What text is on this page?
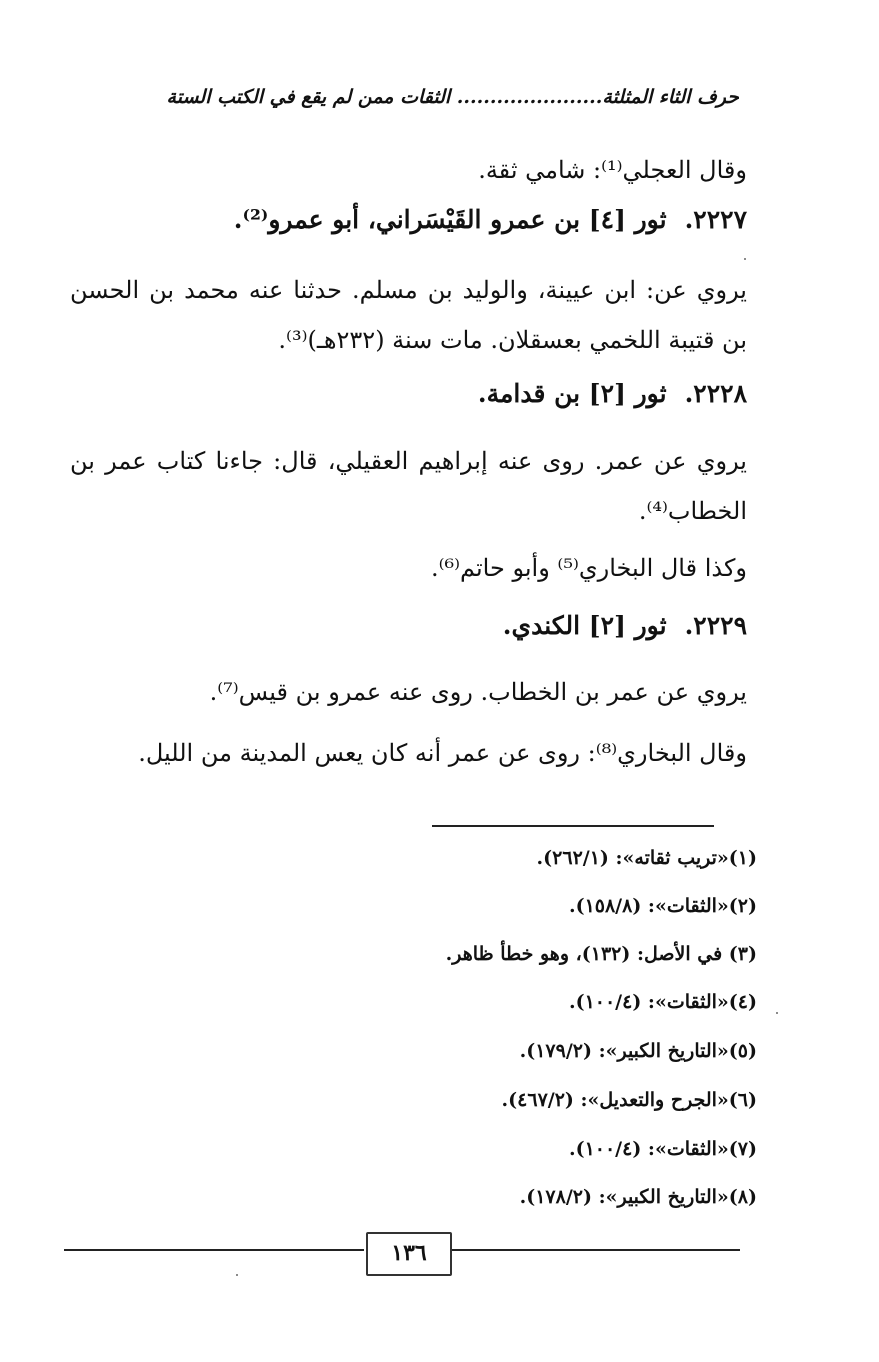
حرف الثاء المثلثة...................... الثقات ممن لم يقع في الكتب الستة
وقال العجلي⁽¹⁾: شامي ثقة.
٢٢٢٧.ثور [٤] بن عمرو القَيْسَراني، أبو عمرو⁽²⁾.
يروي عن: ابن عيينة، والوليد بن مسلم. حدثنا عنه محمد بن الحسن بن قتيبة اللخمي بعسقلان. مات سنة (٢٣٢هـ)⁽³⁾.
٢٢٢٨.ثور [٢] بن قدامة.
يروي عن عمر. روى عنه إبراهيم العقيلي، قال: جاءنا كتاب عمر بن الخطاب⁽⁴⁾.
وكذا قال البخاري⁽⁵⁾ وأبو حاتم⁽⁶⁾.
٢٢٢٩.ثور [٢] الكندي.
يروي عن عمر بن الخطاب. روى عنه عمرو بن قيس⁽⁷⁾.
وقال البخاري⁽⁸⁾: روى عن عمر أنه كان يعس المدينة من الليل.
(١)«تريب ثقاته»: (٢٦٢/١).
(٢)«الثقات»: (١٥٨/٨).
(٣) في الأصل: (١٣٢)، وهو خطأ ظاهر.
(٤)«الثقات»: (١٠٠/٤).
(٥)«التاريخ الكبير»: (١٧٩/٢).
(٦)«الجرح والتعديل»: (٤٦٧/٢).
(٧)«الثقات»: (١٠٠/٤).
(٨)«التاريخ الكبير»: (١٧٨/٢).
١٣٦
